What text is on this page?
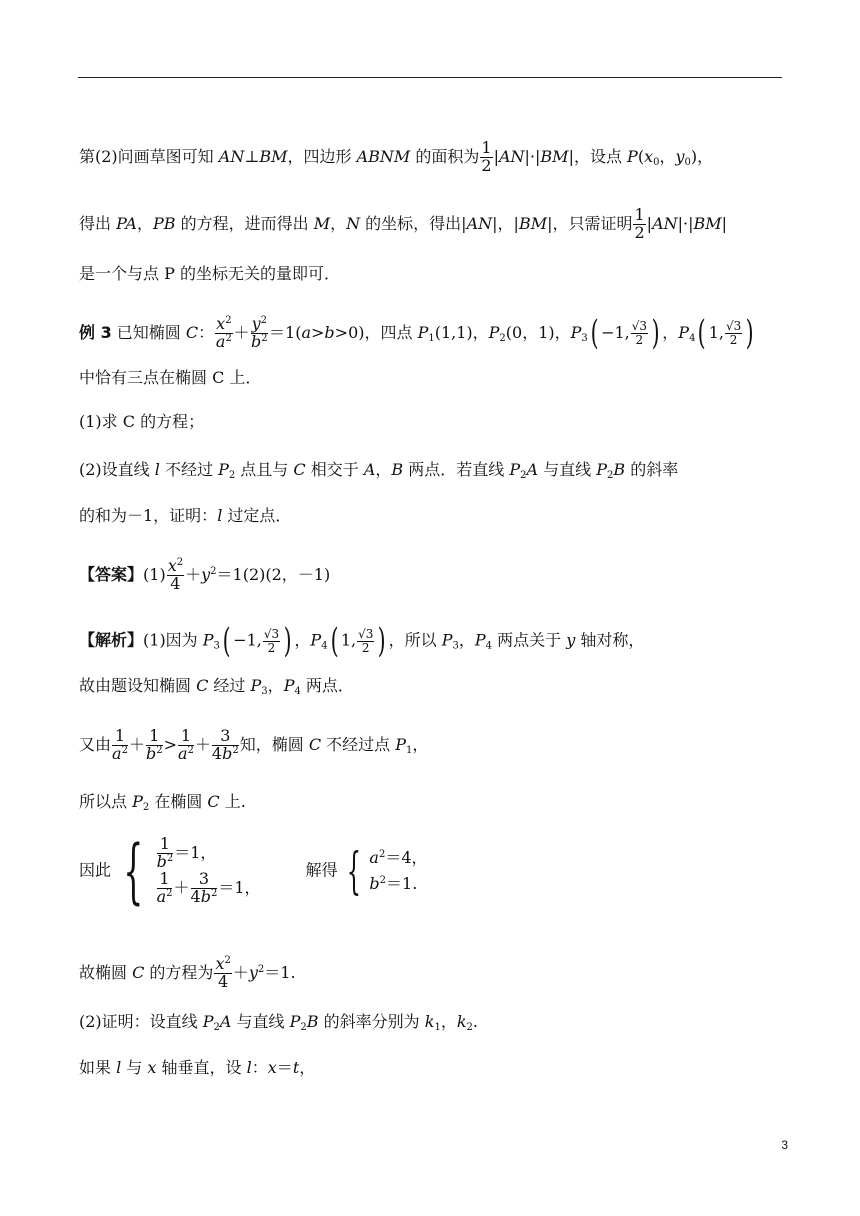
第(2)问画草图可知 AN⊥BM，四边形 ABNM 的面积为 $\frac{1}{2} |AN|\cdot|BM|$，设点 $P(x_0$，$y_0$)，
得出 PA，PB 的方程，进而得出 M，N 的坐标，得出|AN|，|BM|，只需证明 $\frac{1}{2} |AN|\cdot|BM|$
是一个与点 P 的坐标无关的量即可．
例 3 已知椭圆 C： $\frac{x^2}{a^2} + \frac{y^2}{b^2} =1(a>b>0)$，四点 $P_1(1,1)$，$P_2(0$，1)，$P_3( -1$, $\frac{√3}{2}$ ) ，$P_4$( 1, $\frac{√3}{2}$ )
中恰有三点在椭圆 C 上．
(1)求 C 的方程；
(2)设直线 l 不经过 $P_2$ 点且与 C 相交于 A，B 两点．若直线 $P_2A$ 与直线 $P_2B$ 的斜率
的和为－1，证明：l 过定点．
【答案】$(1) \frac{x^2}{4} +y^2=1(2)(2$，－1)
【解析】(1)因为 $P_3( -1$, $\frac{√3}{2}$ ) ，$P_4$( 1, $\frac{√3}{2}$ ) ，所以 $P_3$，$P_4$ 两点关于 y 轴对称，
故由题设知椭圆 C 经过 $P_3$，$P_4$ 两点．
又由 $\frac{1}{a^2} + \frac{1}{b^2} > \frac{1}{a^2} + \frac{3}{4b^2}$ 知，椭圆 C 不经过点 $P_1$，
所以点 $P_2$ 在椭圆 C 上.
因此 { $\frac{1}{b^2} =1$，
$\frac{1}{a^2} + \frac{3}{4b^2} =1$，
解得 { $a^2=4$，
$b^2=1$.
故椭圆 C 的方程为 $\frac{x^2}{4} +y^2=1$.
(2)证明：设直线 $P_2A$ 与直线 $P_2B$ 的斜率分别为 $k_1$，$k_2$.
如果 l 与 x 轴垂直，设 l：x＝t，
3
